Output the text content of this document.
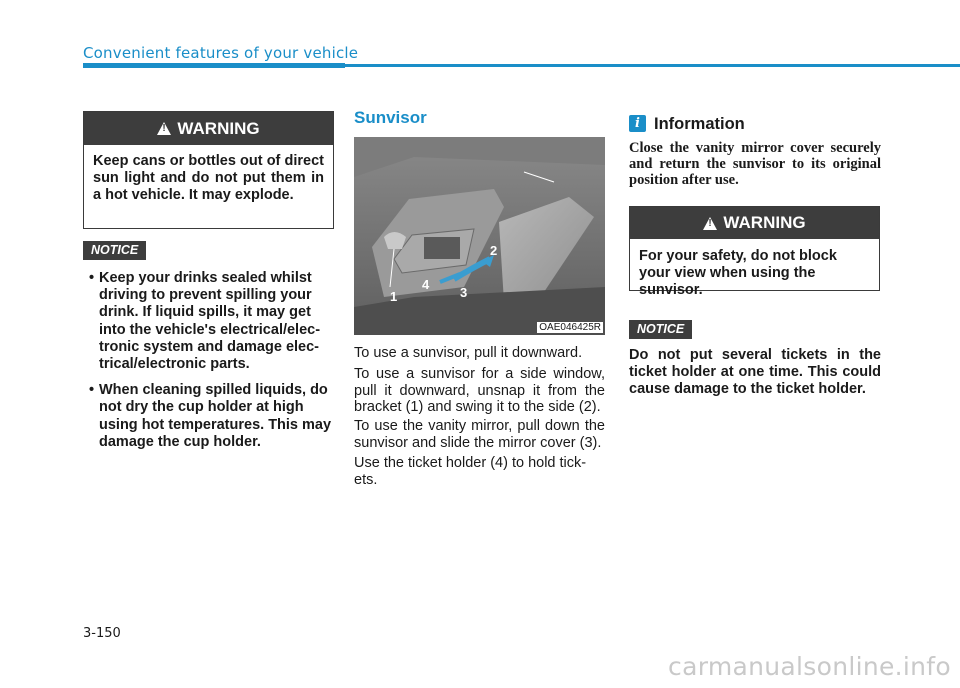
Convenient features of your vehicle
!
WARNING
Keep cans or bottles out of direct sun light and do not put them in a hot vehicle. It may explode.
NOTICE
• Keep your drinks sealed whilst driving to prevent spilling your drink. If liquid spills, it may get into the vehicle's electrical/elec-tronic system and damage elec-trical/electronic parts.
• When cleaning spilled liquids, do not dry the cup holder at high using hot temperatures. This may damage the cup holder.
Sunvisor
1
2
3
4
OAE046425R

To use a sunvisor, pull it downward.

To use a sunvisor for a side window, pull it downward, unsnap it from the bracket (1) and swing it to the side (2).

To use the vanity mirror, pull down the sunvisor and slide the mirror cover (3).

Use the ticket holder (4) to hold tick-ets.

i Information

Close the vanity mirror cover securely and return the sunvisor to its original position after use.

!
WARNING
For your safety, do not block your view when using the sunvisor.
NOTICE

Do not put several tickets in the ticket holder at one time. This could cause damage to the ticket holder.

3-150
carmanualsonline.info
